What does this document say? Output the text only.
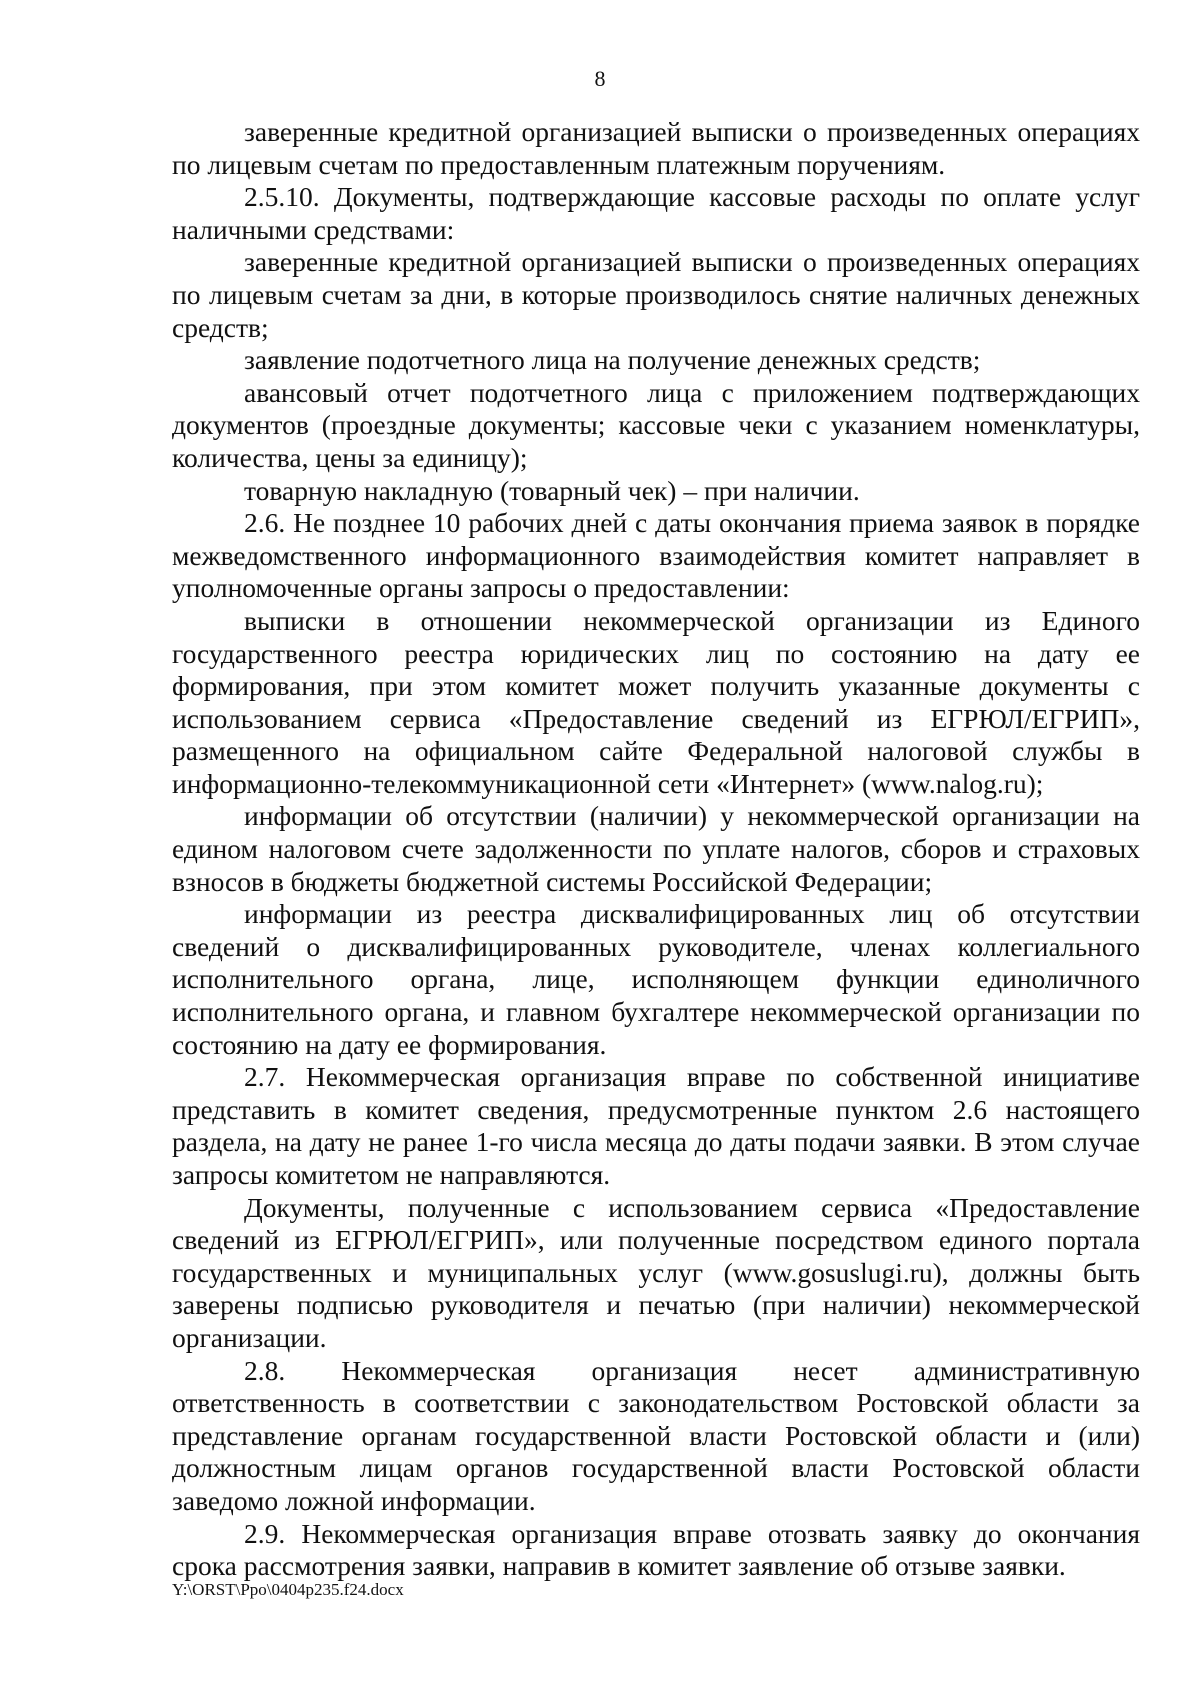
8

заверенные кредитной организацией выписки о произведенных операциях по лицевым счетам по предоставленным платежным поручениям.

2.5.10. Документы, подтверждающие кассовые расходы по оплате услуг наличными средствами:

заверенные кредитной организацией выписки о произведенных операциях по лицевым счетам за дни, в которые производилось снятие наличных денежных средств;

заявление подотчетного лица на получение денежных средств;

авансовый отчет подотчетного лица с приложением подтверждающих документов (проездные документы; кассовые чеки с указанием номенклатуры, количества, цены за единицу);

товарную накладную (товарный чек) – при наличии.

2.6. Не позднее 10 рабочих дней с даты окончания приема заявок в порядке межведомственного информационного взаимодействия комитет направляет в уполномоченные органы запросы о предоставлении:

выписки в отношении некоммерческой организации из Единого государственного реестра юридических лиц по состоянию на дату ее формирования, при этом комитет может получить указанные документы с использованием сервиса «Предоставление сведений из ЕГРЮЛ/ЕГРИП», размещенного на официальном сайте Федеральной налоговой службы в информационно-телекоммуникационной сети «Интернет» (www.nalog.ru);

информации об отсутствии (наличии) у некоммерческой организации на едином налоговом счете задолженности по уплате налогов, сборов и страховых взносов в бюджеты бюджетной системы Российской Федерации;

информации из реестра дисквалифицированных лиц об отсутствии сведений о дисквалифицированных руководителе, членах коллегиального исполнительного органа, лице, исполняющем функции единоличного исполнительного органа, и главном бухгалтере некоммерческой организации по состоянию на дату ее формирования.

2.7. Некоммерческая организация вправе по собственной инициативе представить в комитет сведения, предусмотренные пунктом 2.6 настоящего раздела, на дату не ранее 1-го числа месяца до даты подачи заявки. В этом случае запросы комитетом не направляются.

Документы, полученные с использованием сервиса «Предоставление сведений из ЕГРЮЛ/ЕГРИП», или полученные посредством единого портала государственных и муниципальных услуг (www.gosuslugi.ru), должны быть заверены подписью руководителя и печатью (при наличии) некоммерческой организации.

2.8. Некоммерческая организация несет административную ответственность в соответствии с законодательством Ростовской области за представление органам государственной власти Ростовской области и (или) должностным лицам органов государственной власти Ростовской области заведомо ложной информации.

2.9. Некоммерческая организация вправе отозвать заявку до окончания срока рассмотрения заявки, направив в комитет заявление об отзыве заявки.

Y:\ORST\Ppo\0404p235.f24.docx
